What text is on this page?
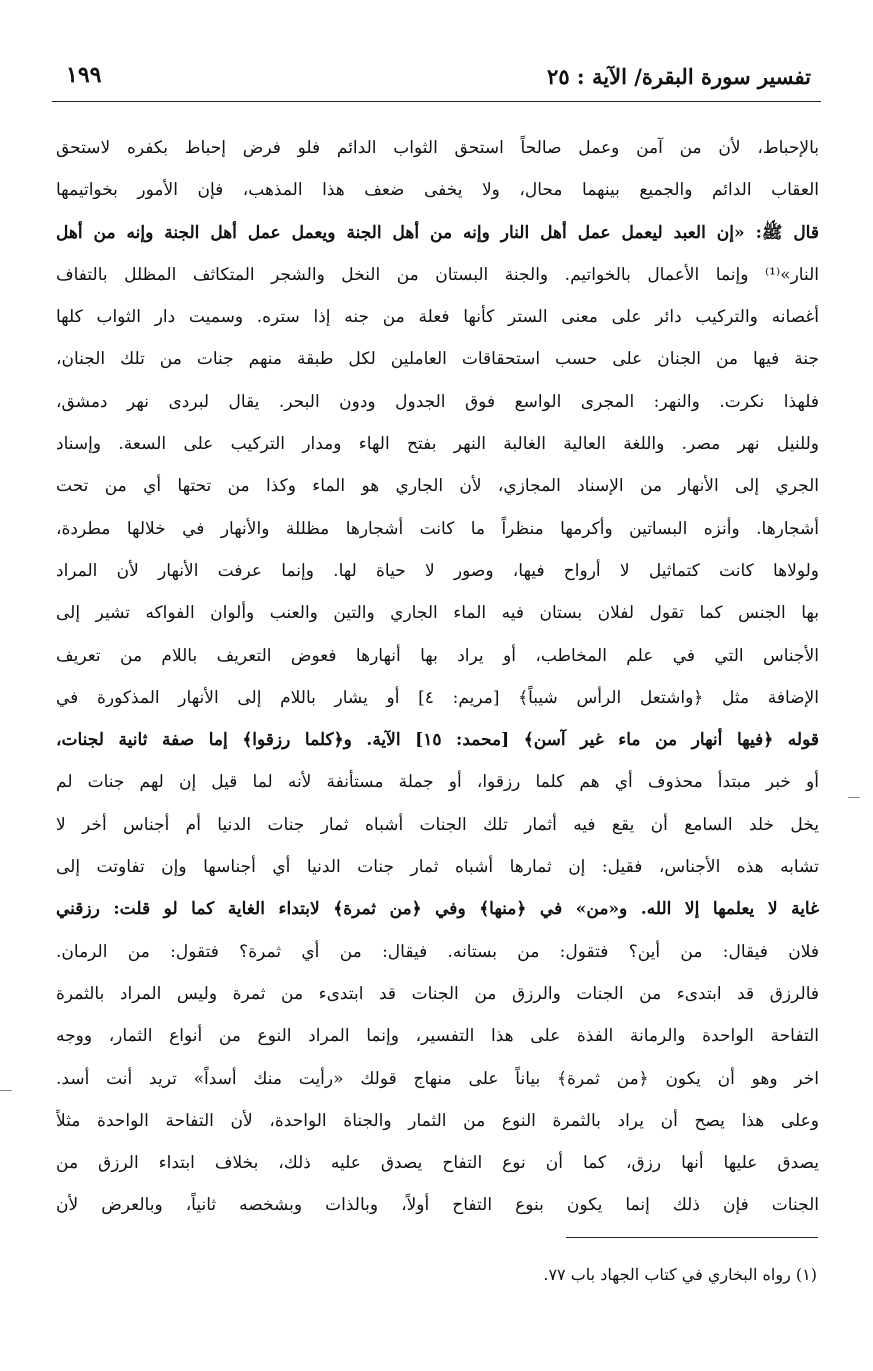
تفسير سورة البقرة/ الآية : ٢٥
١٩٩
بالإحباط، لأن من آمن وعمل صالحاً استحق الثواب الدائم فلو فرض إحباط بكفره لاستحق
العقاب الدائم والجميع بينهما محال، ولا يخفى ضعف هذا المذهب، فإن الأمور بخواتيمها
قال ﷺ: «إن العبد ليعمل عمل أهل النار وإنه من أهل الجنة ويعمل عمل أهل الجنة وإنه من أهل
النار»⁽¹⁾ وإنما الأعمال بالخواتيم. والجنة البستان من النخل والشجر المتكاثف المظلل بالتفاف
أغصانه والتركيب دائر على معنى الستر كأنها فعلة من جنه إذا ستره. وسميت دار الثواب كلها
جنة فيها من الجنان على حسب استحقاقات العاملين لكل طبقة منهم جنات من تلك الجنان،
فلهذا نكرت. والنهر: المجرى الواسع فوق الجدول ودون البحر. يقال لبردى نهر دمشق،
وللنيل نهر مصر. واللغة العالية الغالبة النهر بفتح الهاء ومدار التركيب على السعة. وإسناد
الجري إلى الأنهار من الإسناد المجازي، لأن الجاري هو الماء وكذا من تحتها أي من تحت
أشجارها. وأنزه البساتين وأكرمها منظراً ما كانت أشجارها مظللة والأنهار في خلالها مطردة،
ولولاها كانت كتماثيل لا أرواح فيها، وصور لا حياة لها. وإنما عرفت الأنهار لأن المراد
بها الجنس كما تقول لفلان بستان فيه الماء الجاري والتين والعنب وألوان الفواكه تشير إلى
الأجناس التي في علم المخاطب، أو يراد بها أنهارها فعوض التعريف باللام من تعريف
الإضافة مثل ﴿واشتعل الرأس شيباً﴾ [مريم: ٤] أو يشار باللام إلى الأنهار المذكورة في
قوله ﴿فيها أنهار من ماء غير آسن﴾ [محمد: ١٥] الآية. و﴿كلما رزقوا﴾ إما صفة ثانية لجنات،
أو خبر مبتدأ محذوف أي هم كلما رزقوا، أو جملة مستأنفة لأنه لما قيل إن لهم جنات لم
يخل خلد السامع أن يقع فيه أثمار تلك الجنات أشباه ثمار جنات الدنيا أم أجناس أخر لا
تشابه هذه الأجناس، فقيل: إن ثمارها أشباه ثمار جنات الدنيا أي أجناسها وإن تفاوتت إلى
غاية لا يعلمها إلا الله. و«من» في ﴿منها﴾ وفي ﴿من ثمرة﴾ لابتداء الغاية كما لو قلت: رزقني
فلان فيقال: من أين؟ فتقول: من بستانه. فيقال: من أي ثمرة؟ فتقول: من الرمان.
فالرزق قد ابتدىء من الجنات والرزق من الجنات قد ابتدىء من ثمرة وليس المراد بالثمرة
التفاحة الواحدة والرمانة الفذة على هذا التفسير، وإنما المراد النوع من أنواع الثمار، ووجه
اخر وهو أن يكون ﴿من ثمرة﴾ بياناً على منهاج قولك «رأيت منك أسداً» تريد أنت أسد.
وعلى هذا يصح أن يراد بالثمرة النوع من الثمار والجناة الواحدة، لأن التفاحة الواحدة مثلاً
يصدق عليها أنها رزق، كما أن نوع التفاح يصدق عليه ذلك، بخلاف ابتداء الرزق من
الجنات فإن ذلك إنما يكون بنوع التفاح أولاً، وبالذات وبشخصه ثانياً، وبالعرض لأن
(١) رواه البخاري في كتاب الجهاد باب ٧٧.
